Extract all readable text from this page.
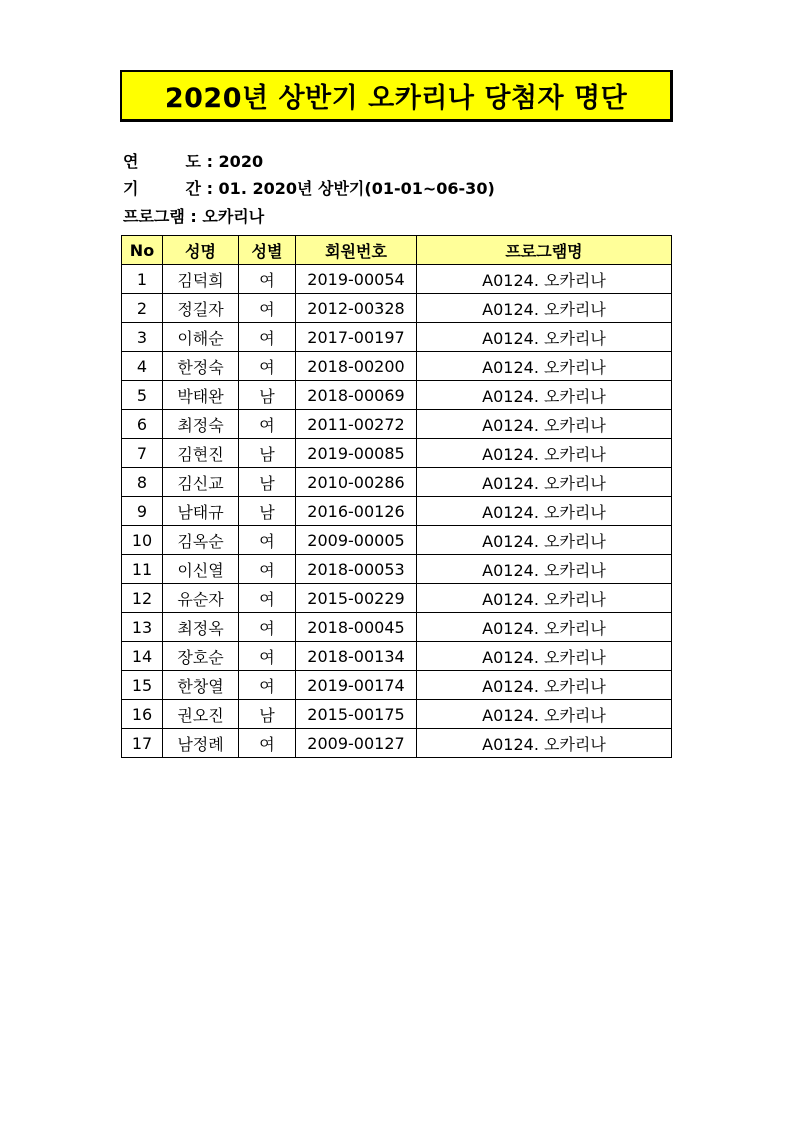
2020년 상반기 오카리나 당첨자 명단
연	도 : 2020
기	간 : 01. 2020년 상반기(01-01~06-30)
프로그램 : 오카리나
No	성명	성별	회원번호	프로그램명
1	김덕희	여	2019-00054	A0124. 오카리나
2	정길자	여	2012-00328	A0124. 오카리나
3	이해순	여	2017-00197	A0124. 오카리나
4	한정숙	여	2018-00200	A0124. 오카리나
5	박태완	남	2018-00069	A0124. 오카리나
6	최정숙	여	2011-00272	A0124. 오카리나
7	김현진	남	2019-00085	A0124. 오카리나
8	김신교	남	2010-00286	A0124. 오카리나
9	남태규	남	2016-00126	A0124. 오카리나
10	김옥순	여	2009-00005	A0124. 오카리나
11	이신열	여	2018-00053	A0124. 오카리나
12	유순자	여	2015-00229	A0124. 오카리나
13	최정옥	여	2018-00045	A0124. 오카리나
14	장호순	여	2018-00134	A0124. 오카리나
15	한창열	여	2019-00174	A0124. 오카리나
16	권오진	남	2015-00175	A0124. 오카리나
17	남정례	여	2009-00127	A0124. 오카리나
